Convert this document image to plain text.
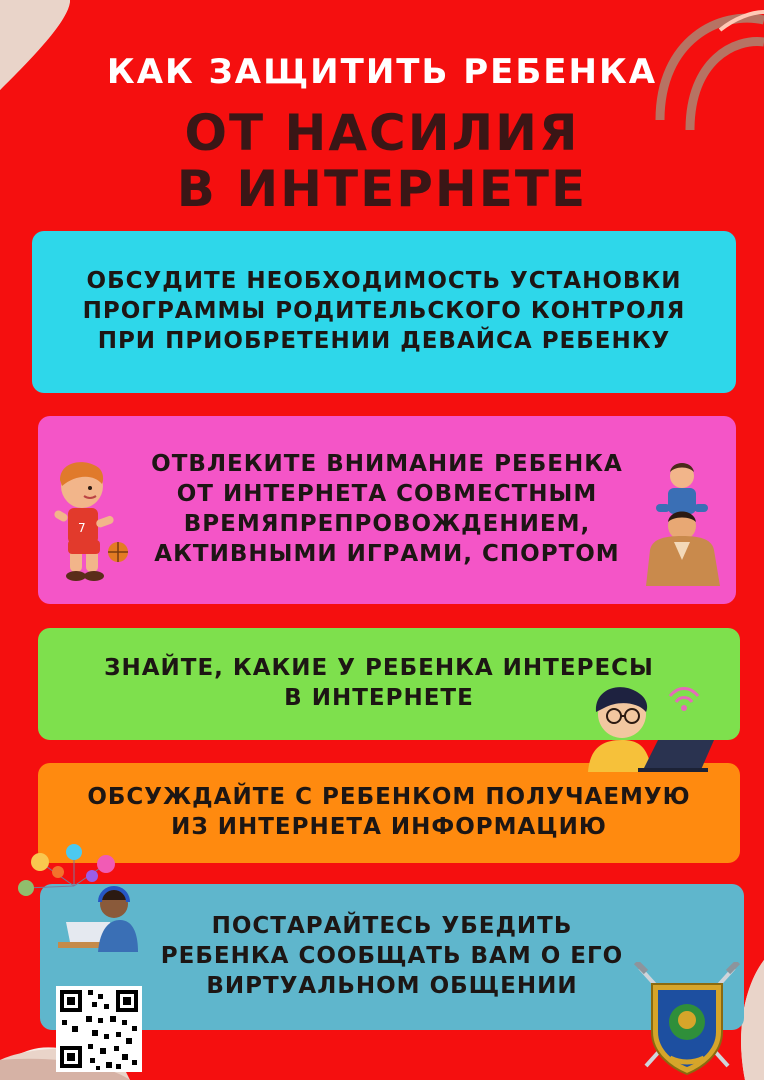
КАК ЗАЩИТИТЬ РЕБЕНКА
ОТ НАСИЛИЯ
В ИНТЕРНЕТЕ
ОБСУДИТЕ НЕОБХОДИМОСТЬ УСТАНОВКИ ПРОГРАММЫ РОДИТЕЛЬСКОГО КОНТРОЛЯ ПРИ ПРИОБРЕТЕНИИ ДЕВАЙСА РЕБЕНКУ
ОТВЛЕКИТЕ ВНИМАНИЕ РЕБЕНКА ОТ ИНТЕРНЕТА СОВМЕСТНЫМ ВРЕМЯПРЕПРОВОЖДЕНИЕМ, АКТИВНЫМИ ИГРАМИ, СПОРТОМ
ЗНАЙТЕ, КАКИЕ У РЕБЕНКА ИНТЕРЕСЫ В ИНТЕРНЕТЕ
ОБСУЖДАЙТЕ С РЕБЕНКОМ ПОЛУЧАЕМУЮ ИЗ ИНТЕРНЕТА ИНФОРМАЦИЮ
ПОСТАРАЙТЕСЬ УБЕДИТЬ РЕБЕНКА СООБЩАТЬ ВАМ О ЕГО ВИРТУАЛЬНОМ ОБЩЕНИИ
7
